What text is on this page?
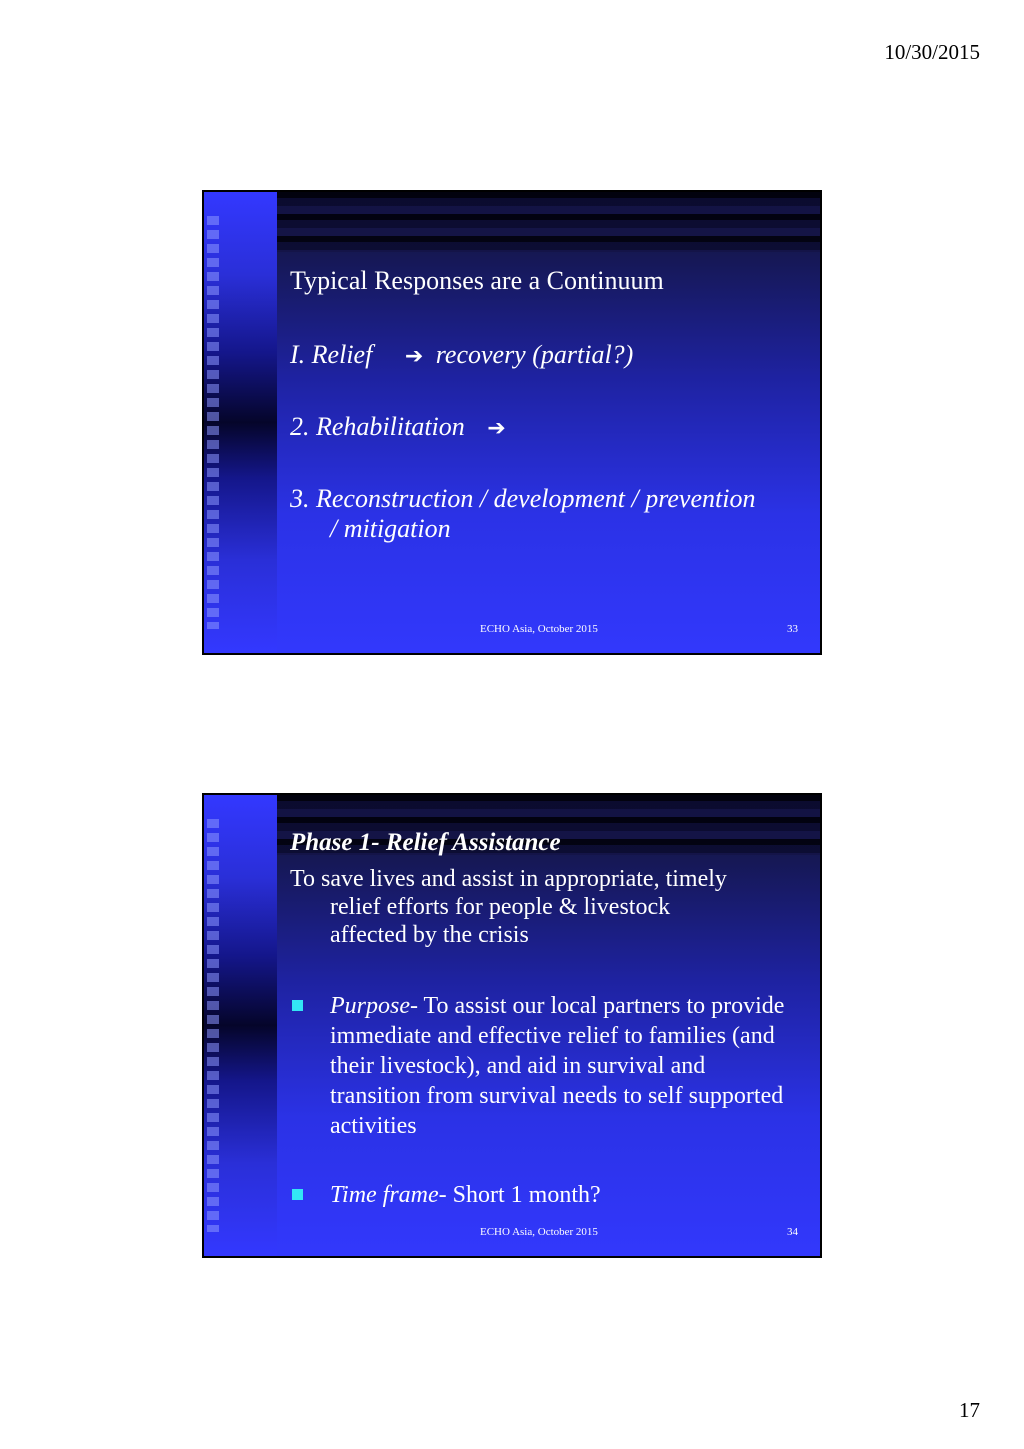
10/30/2015
Typical Responses are a Continuum
I. Relief ➔ recovery (partial?)
2. Rehabilitation ➔
3. Reconstruction / development / prevention
/ mitigation
ECHO Asia, October 2015	33
Phase 1- Relief Assistance
To save lives and assist in appropriate, timely
relief efforts for people & livestock
affected by the crisis
Purpose- To assist our local partners to provide immediate and effective relief to families (and their livestock), and aid in survival and transition from survival needs to self supported activities
Time frame- Short 1 month?
ECHO Asia, October 2015	34
17
